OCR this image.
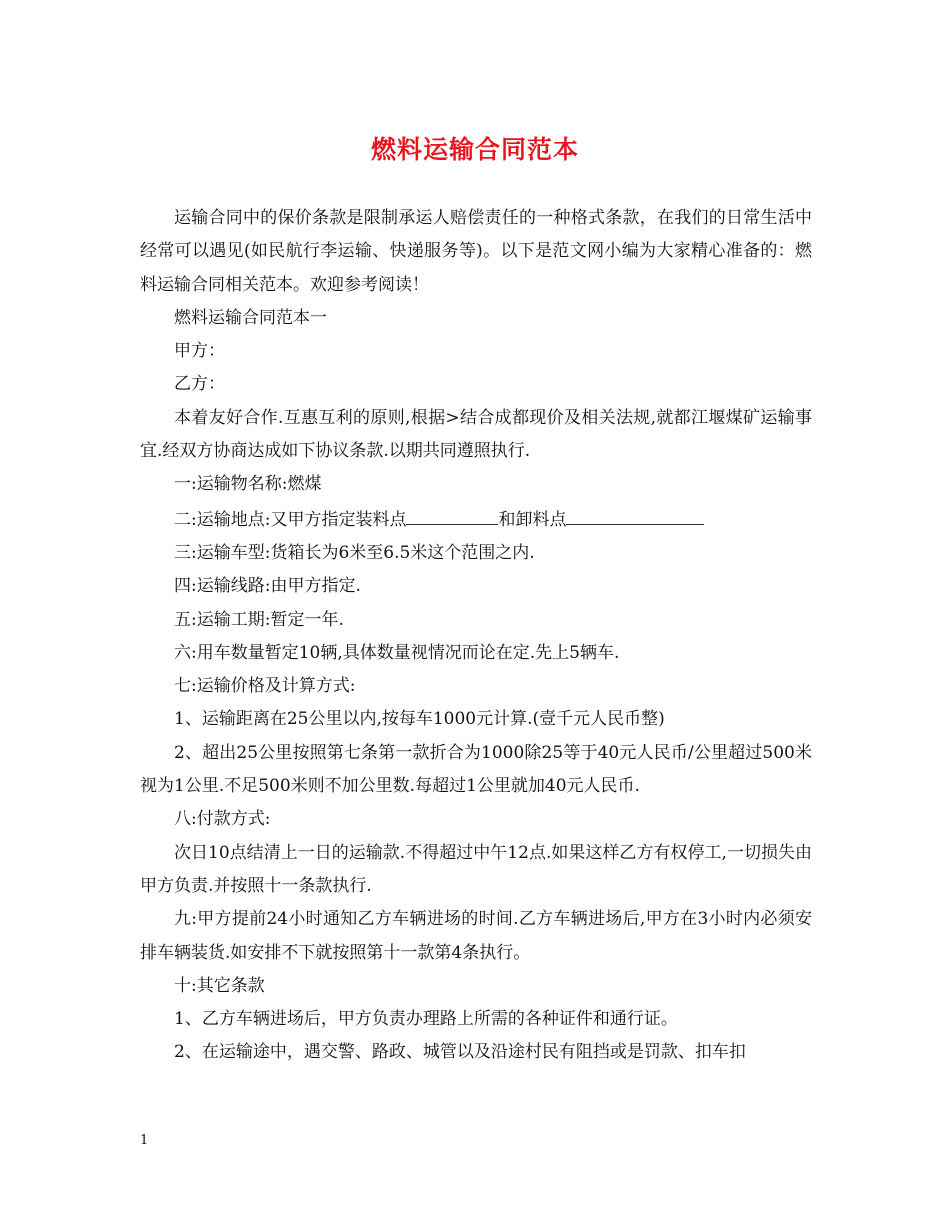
燃料运输合同范本

运输合同中的保价条款是限制承运人赔偿责任的一种格式条款，在我们的日常生活中经常可以遇见(如民航行李运输、快递服务等)。以下是范文网小编为大家精心准备的：燃料运输合同相关范本。欢迎参考阅读！

燃料运输合同范本一

甲方：

乙方：

本着友好合作.互惠互利的原则,根据>结合成都现价及相关法规,就都江堰煤矿运输事宜.经双方协商达成如下协议条款.以期共同遵照执行.

一:运输物名称:燃煤

二:运输地点:又甲方指定装料点	和卸料点

三:运输车型:货箱长为6米至6.5米这个范围之内.

四:运输线路:由甲方指定.

五:运输工期:暂定一年.

六:用车数量暂定10辆,具体数量视情况而论在定.先上5辆车.

七:运输价格及计算方式:

1、运输距离在25公里以内,按每车1000元计算.(壹千元人民币整)

2、超出25公里按照第七条第一款折合为1000除25等于40元人民币/公里超过500米视为1公里.不足500米则不加公里数.每超过1公里就加40元人民币.

八:付款方式:

次日10点结清上一日的运输款.不得超过中午12点.如果这样乙方有权停工,一切损失由甲方负责.并按照十一条款执行.

九:甲方提前24小时通知乙方车辆进场的时间.乙方车辆进场后,甲方在3小时内必须安排车辆装货.如安排不下就按照第十一款第4条执行。

十:其它条款

1、乙方车辆进场后，甲方负责办理路上所需的各种证件和通行证。

2、在运输途中，遇交警、路政、城管以及沿途村民有阻挡或是罚款、扣车扣

1
